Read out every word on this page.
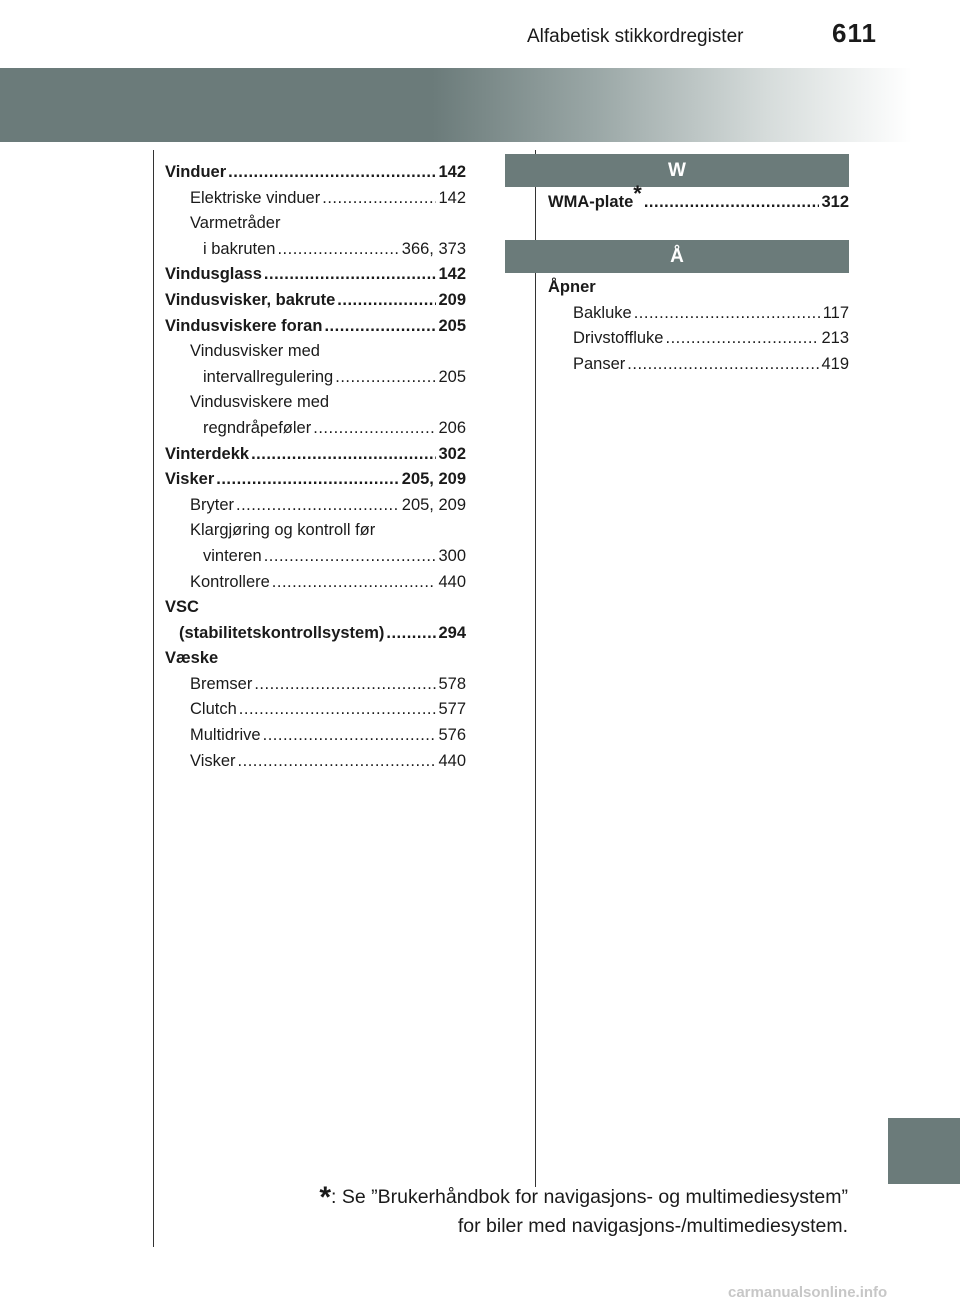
611
Alfabetisk stikkordregister
Vinduer .....	142
Elektriske vinduer .....	142
Varmetråder
i bakruten .....	366, 373
Vindusglass .....	142
Vindusvisker, bakrute .....	209
Vindusviskere foran .....	205
Vindusvisker med
intervallregulering .....	205
Vindusviskere med
regndråpeføler .....	206
Vinterdekk .....	302
Visker .....	205, 209
Bryter .....	205, 209
Klargjøring og kontroll før
vinteren .....	300
Kontrollere .....	440
VSC
(stabilitetskontrollsystem) .....	294
Væske
Bremser .....	578
Clutch .....	577
Multidrive .....	576
Visker .....	440
W
WMA-plate* .....	312
Å
Åpner
Bakluke .....	117
Drivstoffluke .....	213
Panser .....	419
*: Se ”Brukerhåndbok for navigasjons- og multimediesystem”
for biler med navigasjons-/multimediesystem.
carmanualsonline.info
